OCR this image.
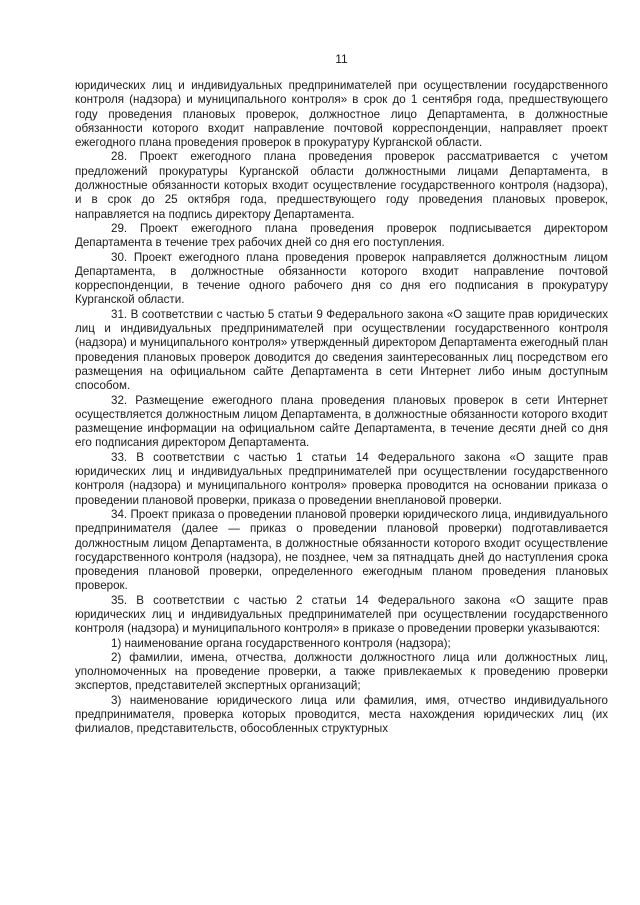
11

юридических лиц и индивидуальных предпринимателей при осуществлении государственного контроля (надзора) и муниципального контроля» в срок до 1 сентября года, предшествующего году проведения плановых проверок, должностное лицо Департамента, в должностные обязанности которого входит направление почтовой корреспонденции, направляет проект ежегодного плана проведения проверок в прокуратуру Курганской области.

28. Проект ежегодного плана проведения проверок рассматривается с учетом предложений прокуратуры Курганской области должностными лицами Департамента, в должностные обязанности которых входит осуществление государственного контроля (надзора), и в срок до 25 октября года, предшествующего году проведения плановых проверок, направляется на подпись директору Департамента.

29. Проект ежегодного плана проведения проверок подписывается директором Департамента в течение трех рабочих дней со дня его поступления.

30. Проект ежегодного плана проведения проверок направляется должностным лицом Департамента, в должностные обязанности которого входит направление почтовой корреспонденции, в течение одного рабочего дня со дня его подписания в прокуратуру Курганской области.

31. В соответствии с частью 5 статьи 9 Федерального закона «О защите прав юридических лиц и индивидуальных предпринимателей при осуществлении государственного контроля (надзора) и муниципального контроля» утвержденный директором Департамента ежегодный план проведения плановых проверок доводится до сведения заинтересованных лиц посредством его размещения на официальном сайте Департамента в сети Интернет либо иным доступным способом.

32. Размещение ежегодного плана проведения плановых проверок в сети Интернет осуществляется должностным лицом Департамента, в должностные обязанности которого входит размещение информации на официальном сайте Департамента, в течение десяти дней со дня его подписания директором Департамента.

33. В соответствии с частью 1 статьи 14 Федерального закона «О защите прав юридических лиц и индивидуальных предпринимателей при осуществлении государственного контроля (надзора) и муниципального контроля» проверка проводится на основании приказа о проведении плановой проверки, приказа о проведении внеплановой проверки.

34. Проект приказа о проведении плановой проверки юридического лица, индивидуального предпринимателя (далее — приказ о проведении плановой проверки) подготавливается должностным лицом Департамента, в должностные обязанности которого входит осуществление государственного контроля (надзора), не позднее, чем за пятнадцать дней до наступления срока проведения плановой проверки, определенного ежегодным планом проведения плановых проверок.

35. В соответствии с частью 2 статьи 14 Федерального закона «О защите прав юридических лиц и индивидуальных предпринимателей при осуществлении государственного контроля (надзора) и муниципального контроля» в приказе о проведении проверки указываются:

1) наименование органа государственного контроля (надзора);

2) фамилии, имена, отчества, должности должностного лица или должностных лиц, уполномоченных на проведение проверки, а также привлекаемых к проведению проверки экспертов, представителей экспертных организаций;

3) наименование юридического лица или фамилия, имя, отчество индивидуального предпринимателя, проверка которых проводится, места нахождения юридических лиц (их филиалов, представительств, обособленных структурных
